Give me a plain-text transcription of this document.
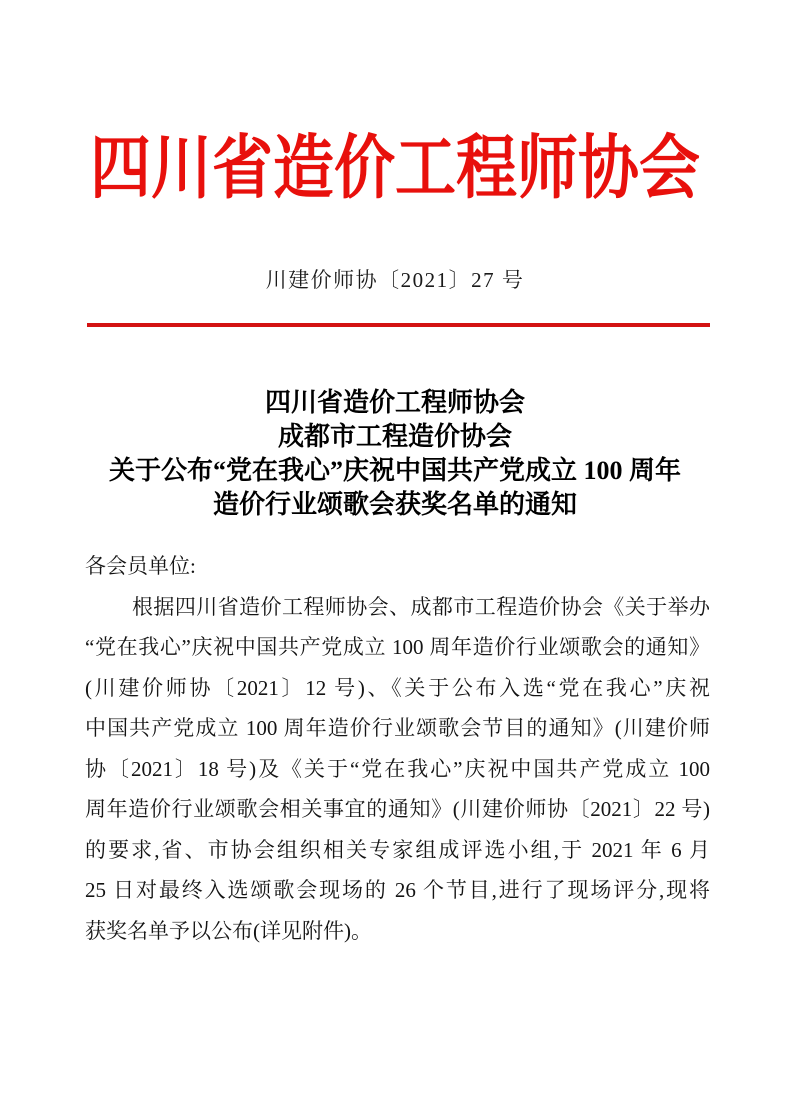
四川省造价工程师协会
川建价师协〔2021〕27 号
四川省造价工程师协会
成都市工程造价协会
关于公布“党在我心”庆祝中国共产党成立 100 周年
造价行业颂歌会获奖名单的通知
各会员单位:
根据四川省造价工程师协会、成都市工程造价协会《关于举办
“党在我心”庆祝中国共产党成立 100 周年造价行业颂歌会的通知》
(川建价师协〔2021〕12 号)、《关于公布入选“党在我心”庆祝
中国共产党成立 100 周年造价行业颂歌会节目的通知》(川建价师
协〔2021〕18 号)及《关于“党在我心”庆祝中国共产党成立 100
周年造价行业颂歌会相关事宜的通知》(川建价师协〔2021〕22 号)
的要求,省、市协会组织相关专家组成评选小组,于 2021 年 6 月
25 日对最终入选颂歌会现场的 26 个节目,进行了现场评分,现将
获奖名单予以公布(详见附件)。
